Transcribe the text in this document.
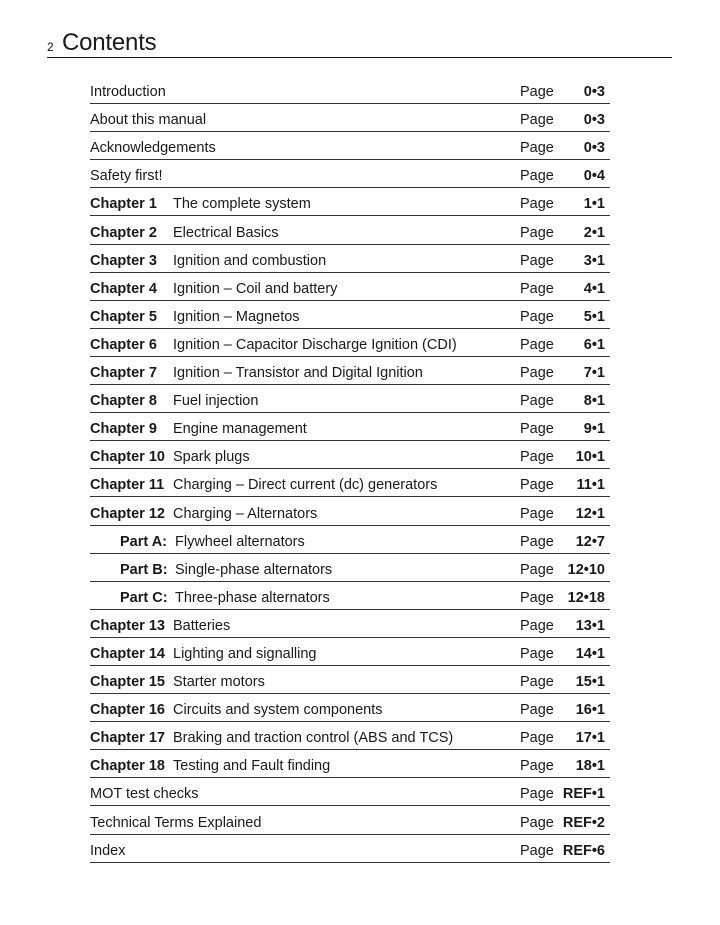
2 Contents
Introduction	Page 0•3
About this manual	Page 0•3
Acknowledgements	Page 0•3
Safety first!	Page 0•4
Chapter 1 The complete system	Page 1•1
Chapter 2 Electrical Basics	Page 2•1
Chapter 3 Ignition and combustion	Page 3•1
Chapter 4 Ignition – Coil and battery	Page 4•1
Chapter 5 Ignition – Magnetos	Page 5•1
Chapter 6 Ignition – Capacitor Discharge Ignition (CDI)	Page 6•1
Chapter 7 Ignition – Transistor and Digital Ignition	Page 7•1
Chapter 8 Fuel injection	Page 8•1
Chapter 9 Engine management	Page 9•1
Chapter 10 Spark plugs	Page 10•1
Chapter 11 Charging – Direct current (dc) generators	Page 11•1
Chapter 12 Charging – Alternators	Page 12•1
Part A: Flywheel alternators	Page 12•7
Part B: Single-phase alternators	Page 12•10
Part C: Three-phase alternators	Page 12•18
Chapter 13 Batteries	Page 13•1
Chapter 14 Lighting and signalling	Page 14•1
Chapter 15 Starter motors	Page 15•1
Chapter 16 Circuits and system components	Page 16•1
Chapter 17 Braking and traction control (ABS and TCS)	Page 17•1
Chapter 18 Testing and Fault finding	Page 18•1
MOT test checks	Page REF•1
Technical Terms Explained	Page REF•2
Index	Page REF•6
